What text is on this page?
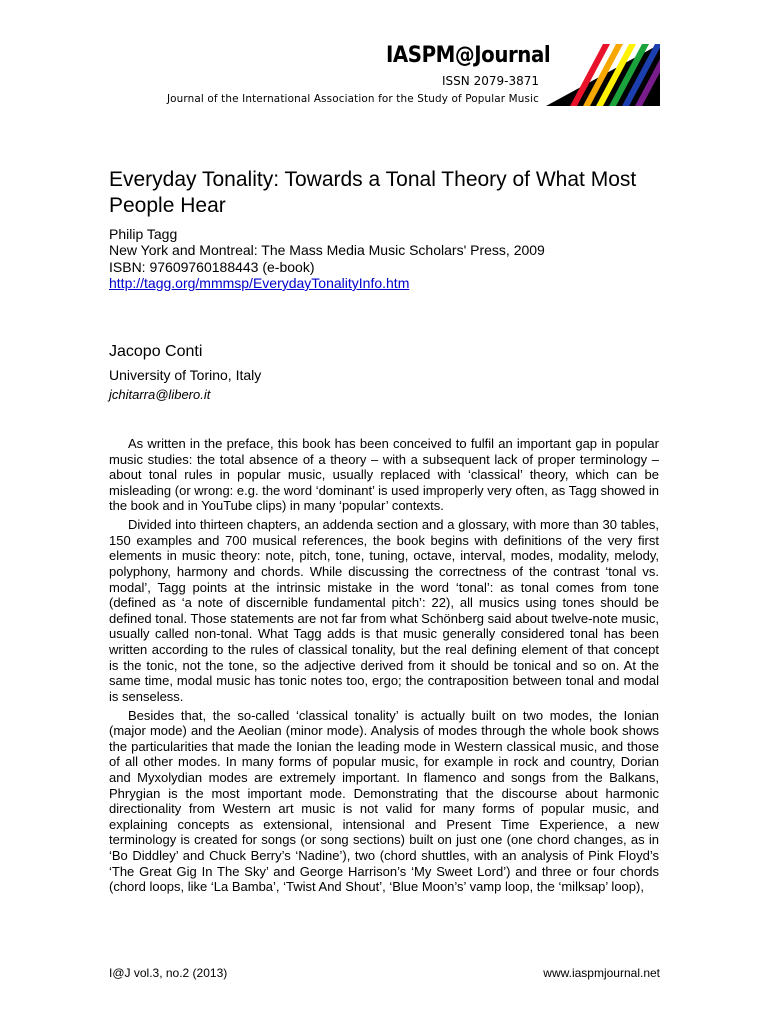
IASPM@Journal
ISSN 2079-3871
Journal of the International Association for the Study of Popular Music
Everyday Tonality: Towards a Tonal Theory of What Most People Hear
Philip Tagg
New York and Montreal: The Mass Media Music Scholars' Press, 2009
ISBN: 97609760188443 (e-book)
http://tagg.org/mmmsp/EverydayTonalityInfo.htm
Jacopo Conti
University of Torino, Italy
jchitarra@libero.it

As written in the preface, this book has been conceived to fulfil an important gap in popular music studies: the total absence of a theory – with a subsequent lack of proper terminology – about tonal rules in popular music, usually replaced with ‘classical’ theory, which can be misleading (or wrong: e.g. the word ‘dominant’ is used improperly very often, as Tagg showed in the book and in YouTube clips) in many ‘popular’ contexts.

Divided into thirteen chapters, an addenda section and a glossary, with more than 30 tables, 150 examples and 700 musical references, the book begins with definitions of the very first elements in music theory: note, pitch, tone, tuning, octave, interval, modes, modality, melody, polyphony, harmony and chords. While discussing the correctness of the contrast ‘tonal vs. modal’, Tagg points at the intrinsic mistake in the word ‘tonal’: as tonal comes from tone (defined as ‘a note of discernible fundamental pitch’: 22), all musics using tones should be defined tonal. Those statements are not far from what Schönberg said about twelve-note music, usually called non-tonal. What Tagg adds is that music generally considered tonal has been written according to the rules of classical tonality, but the real defining element of that concept is the tonic, not the tone, so the adjective derived from it should be tonical and so on. At the same time, modal music has tonic notes too, ergo; the contraposition between tonal and modal is senseless.

Besides that, the so-called ‘classical tonality’ is actually built on two modes, the Ionian (major mode) and the Aeolian (minor mode). Analysis of modes through the whole book shows the particularities that made the Ionian the leading mode in Western classical music, and those of all other modes. In many forms of popular music, for example in rock and country, Dorian and Myxolydian modes are extremely important. In flamenco and songs from the Balkans, Phrygian is the most important mode. Demonstrating that the discourse about harmonic directionality from Western art music is not valid for many forms of popular music, and explaining concepts as extensional, intensional and Present Time Experience, a new terminology is created for songs (or song sections) built on just one (one chord changes, as in ‘Bo Diddley’ and Chuck Berry’s ‘Nadine’), two (chord shuttles, with an analysis of Pink Floyd’s ‘The Great Gig In The Sky’ and George Harrison’s ‘My Sweet Lord’) and three or four chords (chord loops, like ‘La Bamba’, ‘Twist And Shout’, ‘Blue Moon’s’ vamp loop, the ‘milksap’ loop),

I@J vol.3, no.2 (2013)	www.iaspmjournal.net
